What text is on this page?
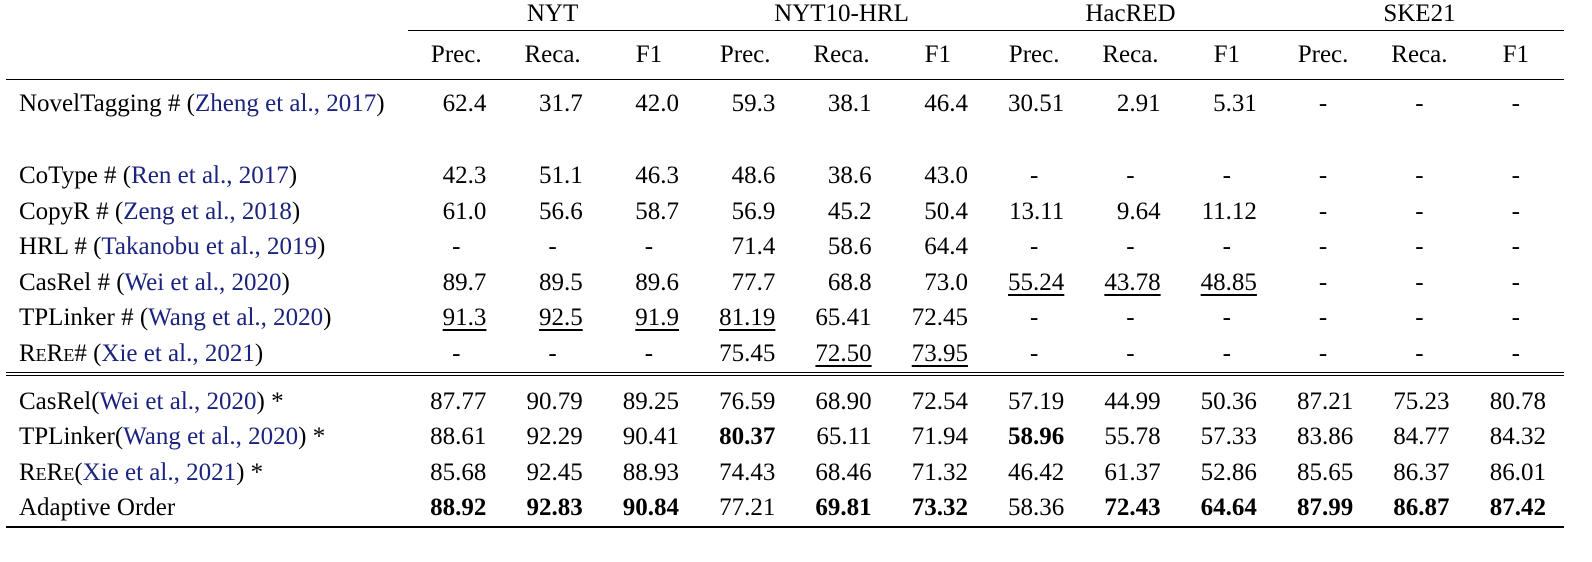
	NYT			NYT10-HRL			HacRED			SKE21		
	Prec.	Reca.	F1	Prec.	Reca.	F1	Prec.	Reca.	F1	Prec.	Reca.	F1
NovelTagging # (Zheng et al., 2017)	62.4	31.7	42.0	59.3	38.1	46.4	30.51	2.91	5.31	-	-	-
CoType # (Ren et al., 2017)	42.3	51.1	46.3	48.6	38.6	43.0	-	-	-	-	-	-
CopyR # (Zeng et al., 2018)	61.0	56.6	58.7	56.9	45.2	50.4	13.11	9.64	11.12	-	-	-
HRL # (Takanobu et al., 2019)	-	-	-	71.4	58.6	64.4	-	-	-	-	-	-
CasRel # (Wei et al., 2020)	89.7	89.5	89.6	77.7	68.8	73.0	55.24	43.78	48.85	-	-	-
TPLinker # (Wang et al., 2020)	91.3	92.5	91.9	81.19	65.41	72.45	-	-	-	-	-	-
ReRe# (Xie et al., 2021)	-	-	-	75.45	72.50	73.95	-	-	-	-	-	-
CasRel(Wei et al., 2020) *	87.77	90.79	89.25	76.59	68.90	72.54	57.19	44.99	50.36	87.21	75.23	80.78
TPLinker(Wang et al., 2020) *	88.61	92.29	90.41	80.37	65.11	71.94	58.96	55.78	57.33	83.86	84.77	84.32
ReRe(Xie et al., 2021) *	85.68	92.45	88.93	74.43	68.46	71.32	46.42	61.37	52.86	85.65	86.37	86.01
Adaptive Order	88.92	92.83	90.84	77.21	69.81	73.32	58.36	72.43	64.64	87.99	86.87	87.42
